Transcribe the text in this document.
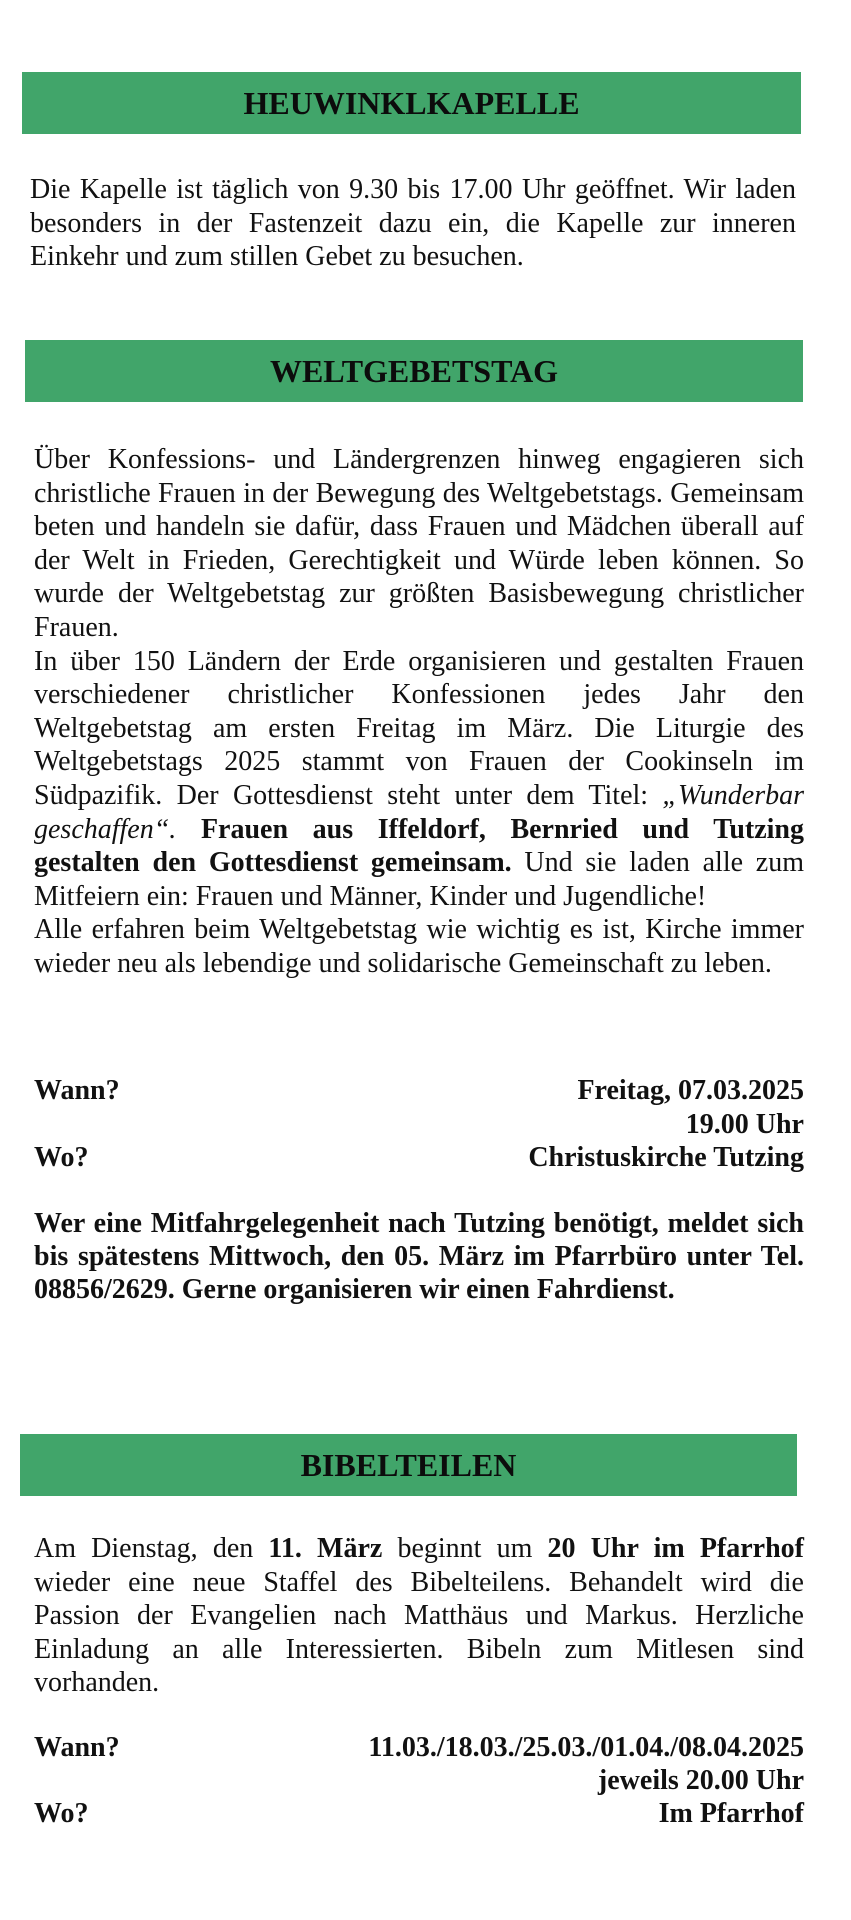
HEUWINKLKAPELLE

Die Kapelle ist täglich von 9.30 bis 17.00 Uhr geöffnet. Wir laden besonders in der Fastenzeit dazu ein, die Kapelle zur inneren Einkehr und zum stillen Gebet zu besuchen.

WELTGEBETSTAG

Über Konfessions- und Ländergrenzen hinweg engagieren sich christliche Frauen in der Bewegung des Weltgebetstags. Gemeinsam beten und handeln sie dafür, dass Frauen und Mädchen überall auf der Welt in Frieden, Gerechtigkeit und Würde leben können. So wurde der Weltgebetstag zur größten Basisbewegung christlicher Frauen.

In über 150 Ländern der Erde organisieren und gestalten Frauen verschiedener christlicher Konfessionen jedes Jahr den Weltgebetstag am ersten Freitag im März. Die Liturgie des Weltgebetstags 2025 stammt von Frauen der Cookinseln im Südpazifik. Der Gottesdienst steht unter dem Titel: „Wunderbar geschaffen“. Frauen aus Iffeldorf, Bernried und Tutzing gestalten den Gottesdienst gemeinsam. Und sie laden alle zum Mitfeiern ein: Frauen und Männer, Kinder und Jugendliche!

Alle erfahren beim Weltgebetstag wie wichtig es ist, Kirche immer wieder neu als lebendige und solidarische Gemeinschaft zu leben.

Wann?	Freitag, 07.03.2025
19.00 Uhr
Wo?	Christuskirche Tutzing

Wer eine Mitfahrgelegenheit nach Tutzing benötigt, meldet sich bis spätestens Mittwoch, den 05. März im Pfarrbüro unter Tel. 08856/2629. Gerne organisieren wir einen Fahrdienst.

BIBELTEILEN

Am Dienstag, den 11. März beginnt um 20 Uhr im Pfarrhof wieder eine neue Staffel des Bibelteilens. Behandelt wird die Passion der Evangelien nach Matthäus und Markus. Herzliche Einladung an alle Interessierten. Bibeln zum Mitlesen sind vorhanden.

Wann?	11.03./18.03./25.03./01.04./08.04.2025
jeweils 20.00 Uhr
Wo?	Im Pfarrhof
